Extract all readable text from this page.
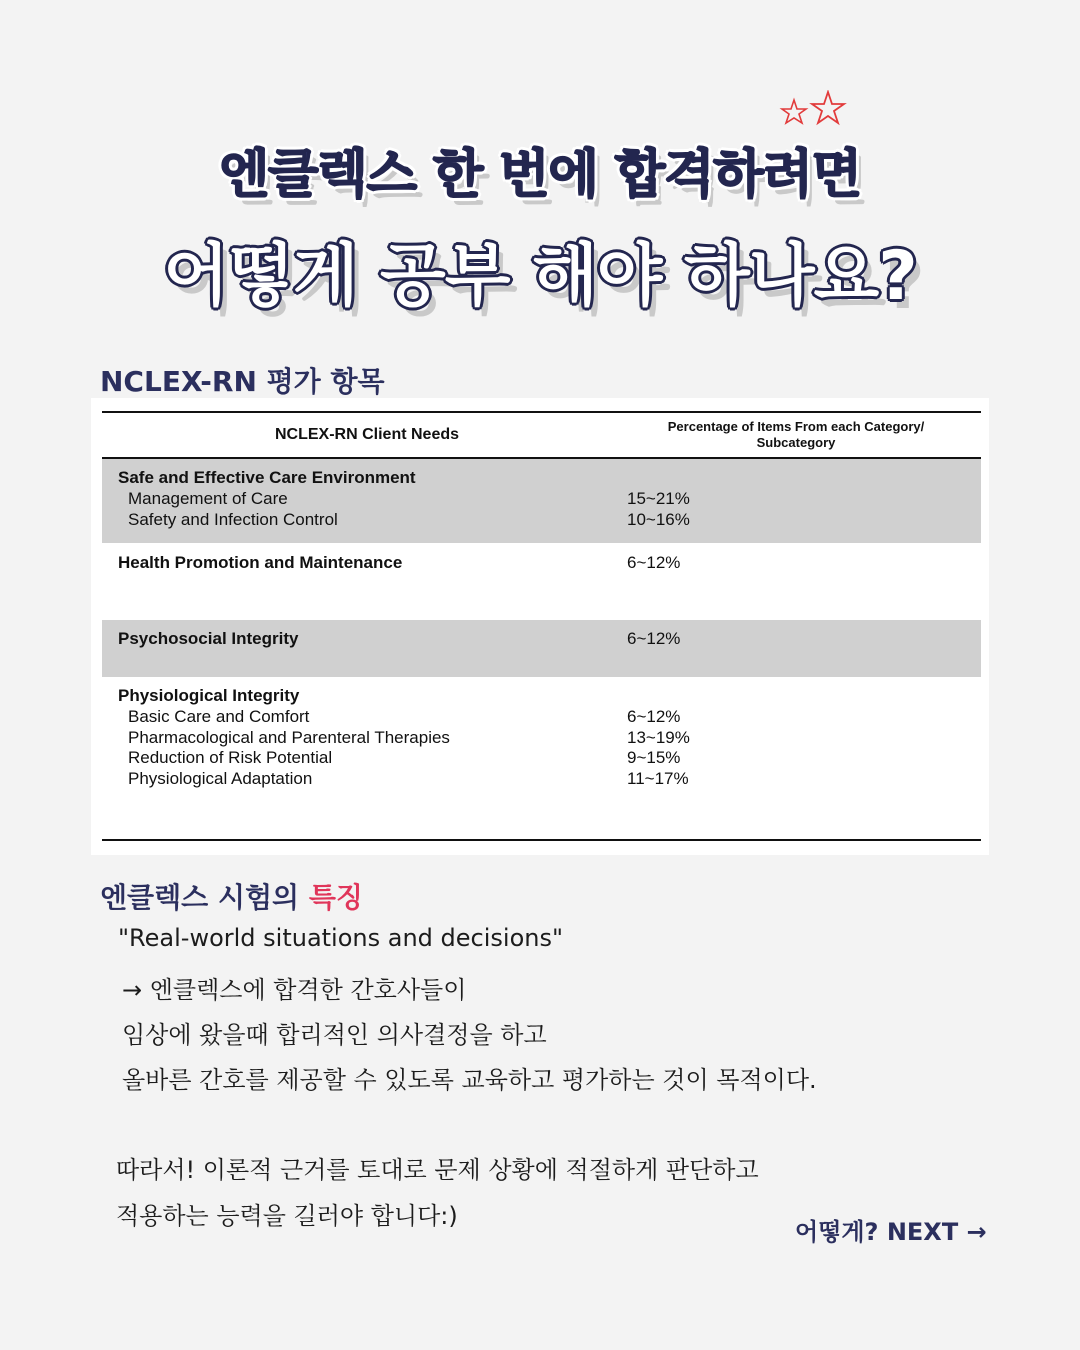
엔클렉스 한 번에 합격하려면
어떻게 공부 해야 하나요?
NCLEX-RN 평가 항목
NCLEX-RN Client Needs	Percentage of Items From each Category/
Subcategory
Safe and Effective Care Environment
Management of Care	15~21%
Safety and Infection Control	10~16%
Health Promotion and Maintenance	6~12%
Psychosocial Integrity	6~12%
Physiological Integrity
Basic Care and Comfort	6~12%
Pharmacological and Parenteral Therapies	13~19%
Reduction of Risk Potential	9~15%
Physiological Adaptation	11~17%
엔클렉스 시험의 특징
"Real-world situations and decisions"
→ 엔클렉스에 합격한 간호사들이
임상에 왔을때 합리적인 의사결정을 하고
올바른 간호를 제공할 수 있도록 교육하고 평가하는 것이 목적이다.
따라서! 이론적 근거를 토대로 문제 상황에 적절하게 판단하고
적용하는 능력을 길러야 합니다:)
어떻게? NEXT →
